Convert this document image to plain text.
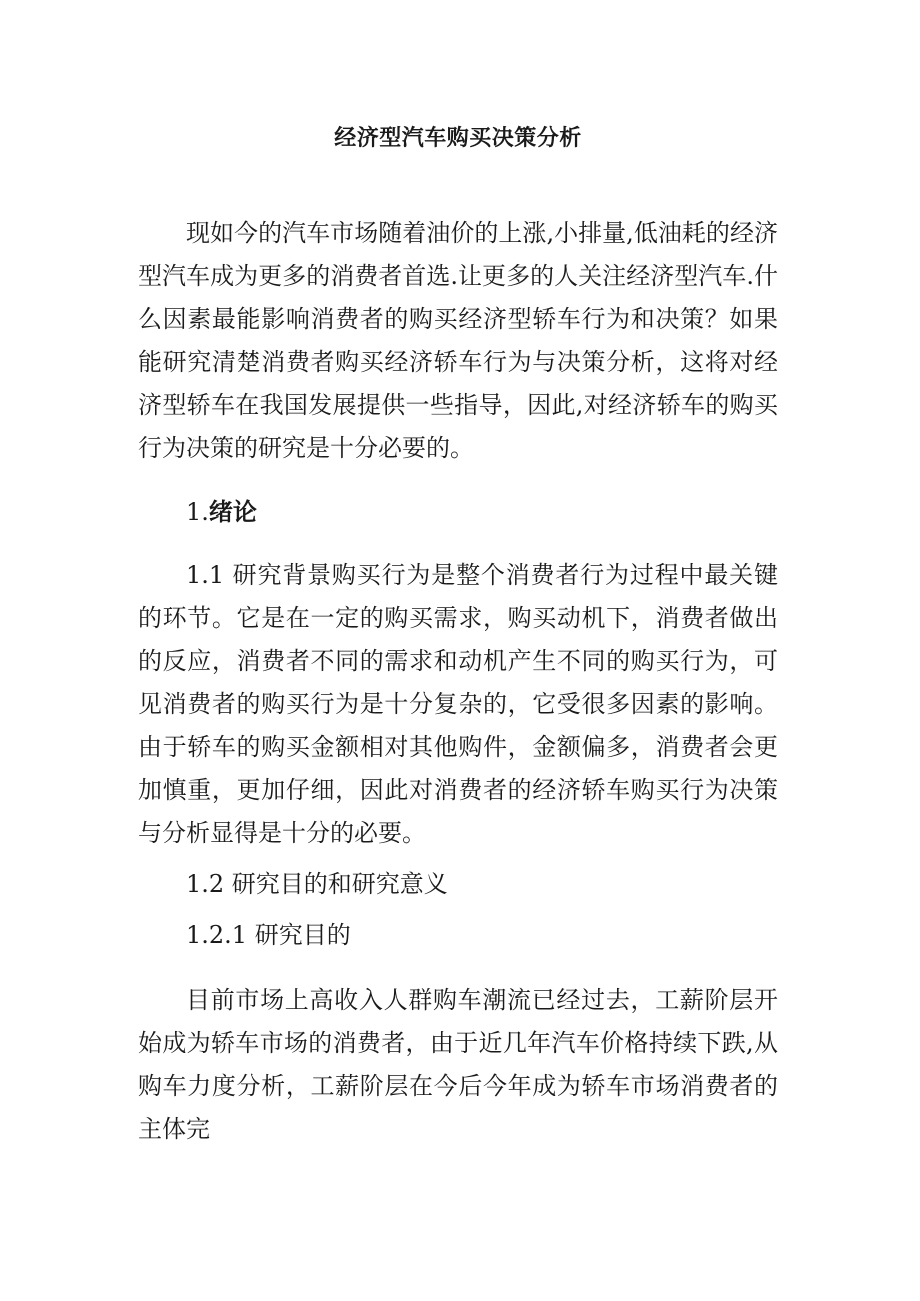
经济型汽车购买决策分析

现如今的汽车市场随着油价的上涨,小排量,低油耗的经济型汽车成为更多的消费者首选.让更多的人关注经济型汽车.什么因素最能影响消费者的购买经济型轿车行为和决策？如果能研究清楚消费者购买经济轿车行为与决策分析，这将对经济型轿车在我国发展提供一些指导，因此,对经济轿车的购买行为决策的研究是十分必要的。

1.绪论

1.1 研究背景购买行为是整个消费者行为过程中最关键的环节。它是在一定的购买需求，购买动机下，消费者做出的反应，消费者不同的需求和动机产生不同的购买行为，可见消费者的购买行为是十分复杂的，它受很多因素的影响。由于轿车的购买金额相对其他购件，金额偏多，消费者会更加慎重，更加仔细，因此对消费者的经济轿车购买行为决策与分析显得是十分的必要。

1.2 研究目的和研究意义

1.2.1 研究目的

目前市场上高收入人群购车潮流已经过去，工薪阶层开始成为轿车市场的消费者，由于近几年汽车价格持续下跌,从购车力度分析，工薪阶层在今后今年成为轿车市场消费者的主体完
